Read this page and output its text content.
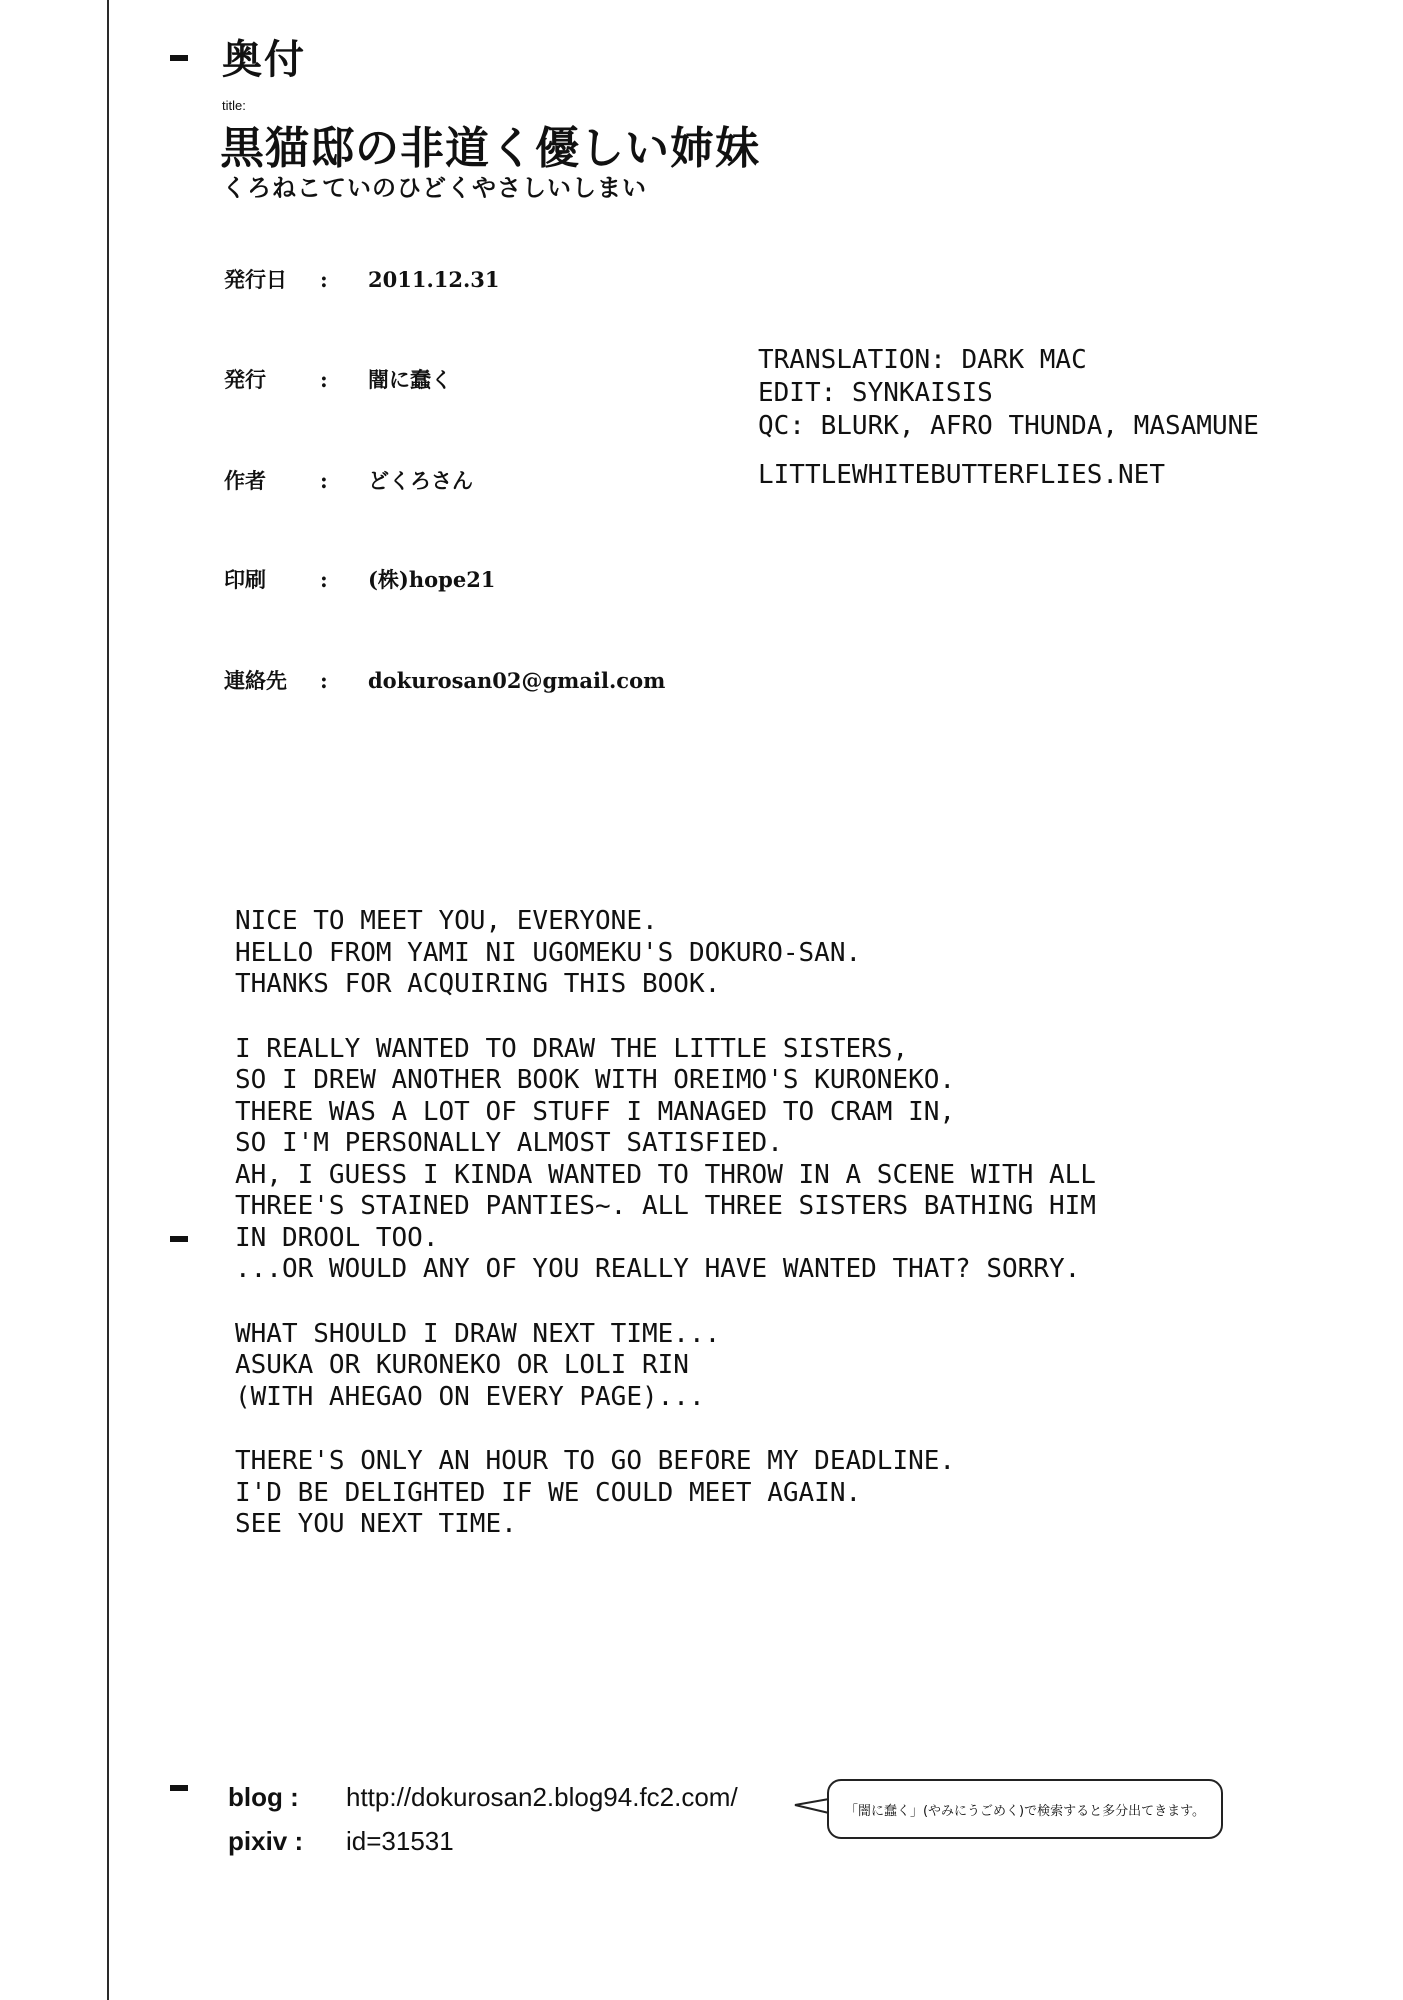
奥付
title:
黒猫邸の非道く優しい姉妹
くろねこていのひどくやさしいしまい
発行日	:	2011.12.31
発行	:	闇に蠢く
作者	:	どくろさん
印刷	:	(株)hope21
連絡先	:	dokurosan02@gmail.com
TRANSLATION: DARK MAC
EDIT: SYNKAISIS
QC: BLURK, AFRO THUNDA, MASAMUNE
LITTLEWHITEBUTTERFLIES.NET
NICE TO MEET YOU, EVERYONE.
HELLO FROM YAMI NI UGOMEKU'S DOKURO-SAN.
THANKS FOR ACQUIRING THIS BOOK.
I REALLY WANTED TO DRAW THE LITTLE SISTERS,
SO I DREW ANOTHER BOOK WITH OREIMO'S KURONEKO.
THERE WAS A LOT OF STUFF I MANAGED TO CRAM IN,
SO I'M PERSONALLY ALMOST SATISFIED.
AH, I GUESS I KINDA WANTED TO THROW IN A SCENE WITH ALL
THREE'S STAINED PANTIES~. ALL THREE SISTERS BATHING HIM
IN DROOL TOO.
...OR WOULD ANY OF YOU REALLY HAVE WANTED THAT? SORRY.
WHAT SHOULD I DRAW NEXT TIME...
ASUKA OR KURONEKO OR LOLI RIN
(WITH AHEGAO ON EVERY PAGE)...
THERE'S ONLY AN HOUR TO GO BEFORE MY DEADLINE.
I'D BE DELIGHTED IF WE COULD MEET AGAIN.
SEE YOU NEXT TIME.
blog :	http://dokurosan2.blog94.fc2.com/
pixiv :	id=31531
「闇に蠢く」(やみにうごめく)で検索すると多分出てきます。
